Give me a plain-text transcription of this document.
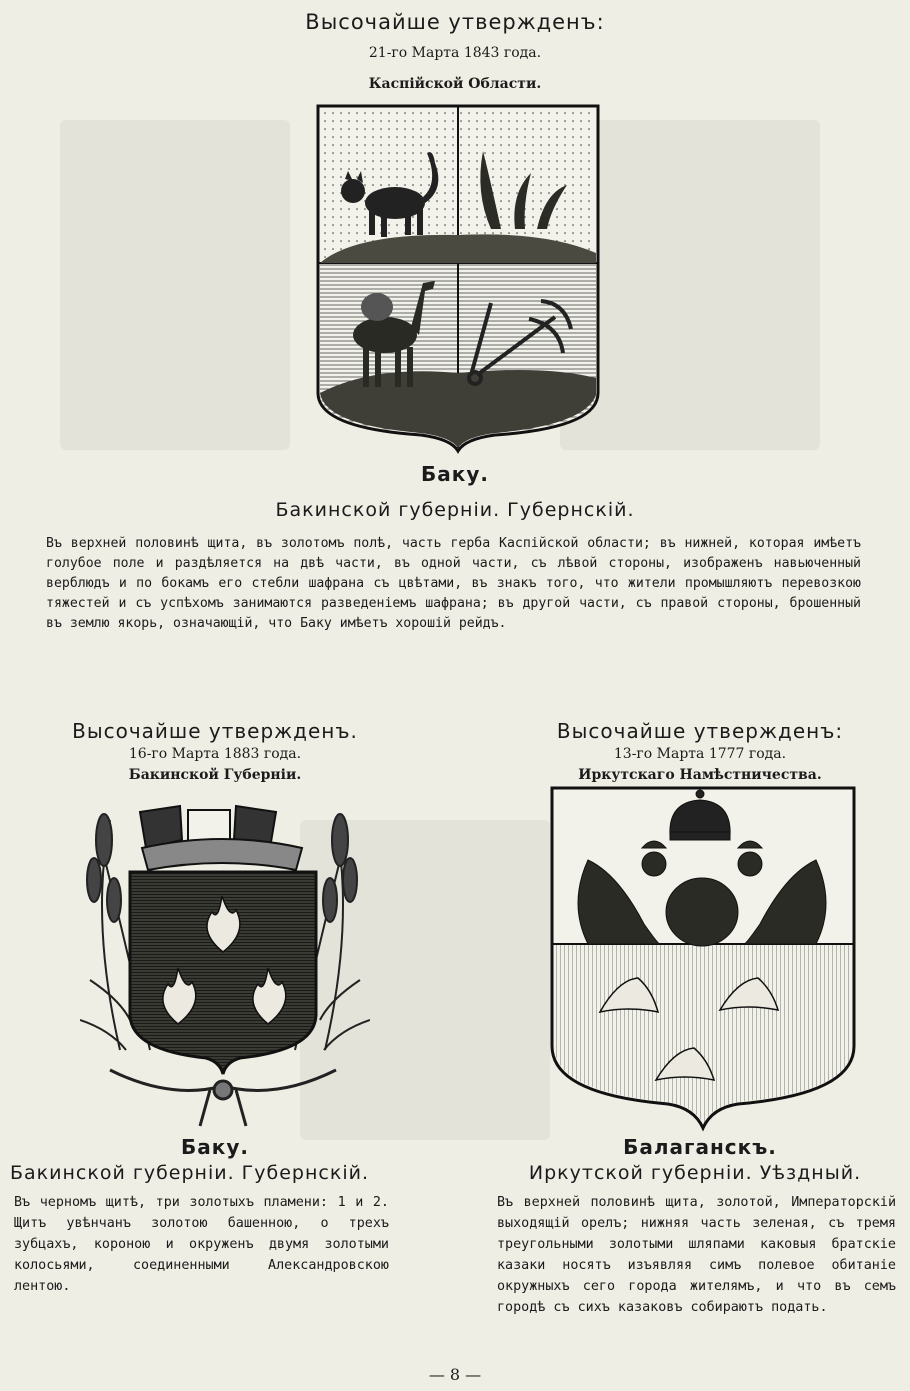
Высочайше утвержденъ:
21-го Марта 1843 года.
Каспійской Области.
Баку.
Бакинской губерніи. Губернскій.
Въ верхней половинѣ щита, въ золотомъ полѣ, часть герба Каспійской области; въ нижней, которая имѣетъ голубое поле и раздѣляется на двѣ части, въ одной части, съ лѣвой стороны, изображенъ навьюченный верблюдъ и по бокамъ его стебли шафрана съ цвѣтами, въ знакъ того, что жители промышляютъ перевозкою тяжестей и съ успѣхомъ занимаются разведеніемъ шафрана; въ другой части, съ правой стороны, брошенный въ землю якорь, означающій, что Баку имѣетъ хорошій рейдъ.
Высочайше утвержденъ.
16-го Марта 1883 года.
Бакинской Губерніи.
Баку.
Бакинской губерніи. Губернскій.
Въ черномъ щитѣ, три золотыхъ пламени: 1 и 2. Щитъ увѣнчанъ золотою башенною, о трехъ зубцахъ, короною и окруженъ двумя золотыми колосьями, соединенными Александровскою лентою.
Высочайше утвержденъ:
13-го Марта 1777 года.
Иркутскаго Намѣстничества.
Балаганскъ.
Иркутской губерніи. Уѣздный.
Въ верхней половинѣ щита, золотой, Императорскій выходящій орелъ; нижняя часть зеленая, съ тремя треугольными золотыми шляпами каковыя братскіе казаки носятъ изъявляя симъ полевое обитаніе окружныхъ сего города жителямъ, и что въ семъ городѣ съ сихъ казаковъ собираютъ подать.
— 8 —
